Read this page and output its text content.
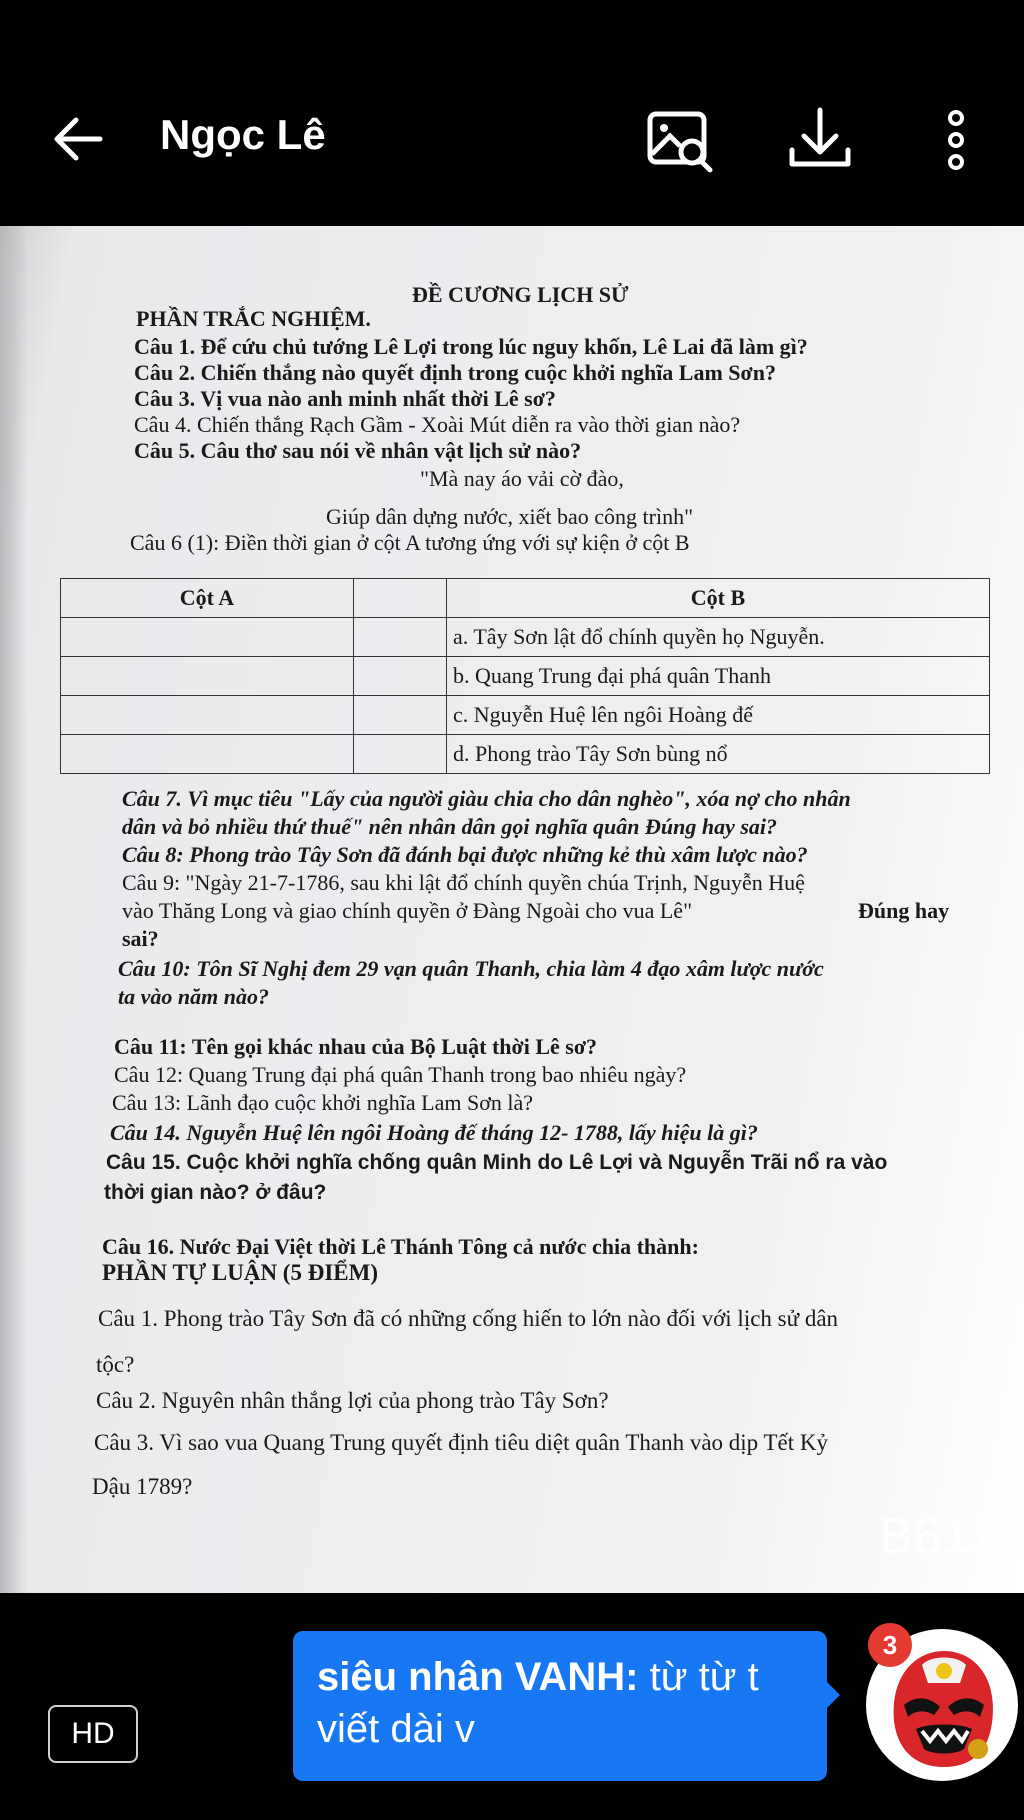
Ngọc Lê
ĐỀ CƯƠNG LỊCH SỬ
PHẦN TRẮC NGHIỆM.
Câu 1. Để cứu chủ tướng Lê Lợi trong lúc nguy khốn, Lê Lai đã làm gì?
Câu 2. Chiến thắng nào quyết định trong cuộc khởi nghĩa Lam Sơn?
Câu 3. Vị vua nào anh minh nhất thời Lê sơ?
Câu 4. Chiến thắng Rạch Gầm - Xoài Mút diễn ra vào thời gian nào?
Câu 5. Câu thơ sau nói về nhân vật lịch sử nào?
"Mà nay áo vải cờ đào,
Giúp dân dựng nước, xiết bao công trình"
Câu 6 (1): Điền thời gian ở cột A tương ứng với sự kiện ở cột B
Cột A		Cột B
		a. Tây Sơn lật đổ chính quyền họ Nguyễn.
		b. Quang Trung đại phá quân Thanh
		c. Nguyễn Huệ lên ngôi Hoàng đế
		d. Phong trào Tây Sơn bùng nổ
Câu 7. Vì mục tiêu "Lấy của người giàu chia cho dân nghèo", xóa nợ cho nhân
dân và bỏ nhiều thứ thuế" nên nhân dân gọi nghĩa quân Đúng hay sai?
Câu 8: Phong trào Tây Sơn đã đánh bại được những kẻ thù xâm lược nào?
Câu 9: "Ngày 21-7-1786, sau khi lật đổ chính quyền chúa Trịnh, Nguyễn Huệ
vào Thăng Long và giao chính quyền ở Đàng Ngoài cho vua Lê"	Đúng hay
sai?
Câu 10: Tôn Sĩ Nghị đem 29 vạn quân Thanh, chia làm 4 đạo xâm lược nước
ta vào năm nào?
Câu 11: Tên gọi khác nhau của Bộ Luật thời Lê sơ?
Câu 12: Quang Trung đại phá quân Thanh trong bao nhiêu ngày?
Câu 13: Lãnh đạo cuộc khởi nghĩa Lam Sơn là?
Câu 14. Nguyễn Huệ lên ngôi Hoàng đế tháng 12- 1788, lấy hiệu là gì?
Câu 15. Cuộc khởi nghĩa chống quân Minh do Lê Lợi và Nguyễn Trãi nổ ra vào
thời gian nào? ở đâu?
Câu 16. Nước Đại Việt thời Lê Thánh Tông cả nước chia thành:
PHẦN TỰ LUẬN (5 ĐIỂM)
Câu 1. Phong trào Tây Sơn đã có những cống hiến to lớn nào đối với lịch sử dân
tộc?
Câu 2. Nguyên nhân thắng lợi của phong trào Tây Sơn?
Câu 3. Vì sao vua Quang Trung quyết định tiêu diệt quân Thanh vào dịp Tết Kỷ
Dậu 1789?
B612
HD
siêu nhân VANH: từ từ t viết dài v
3
